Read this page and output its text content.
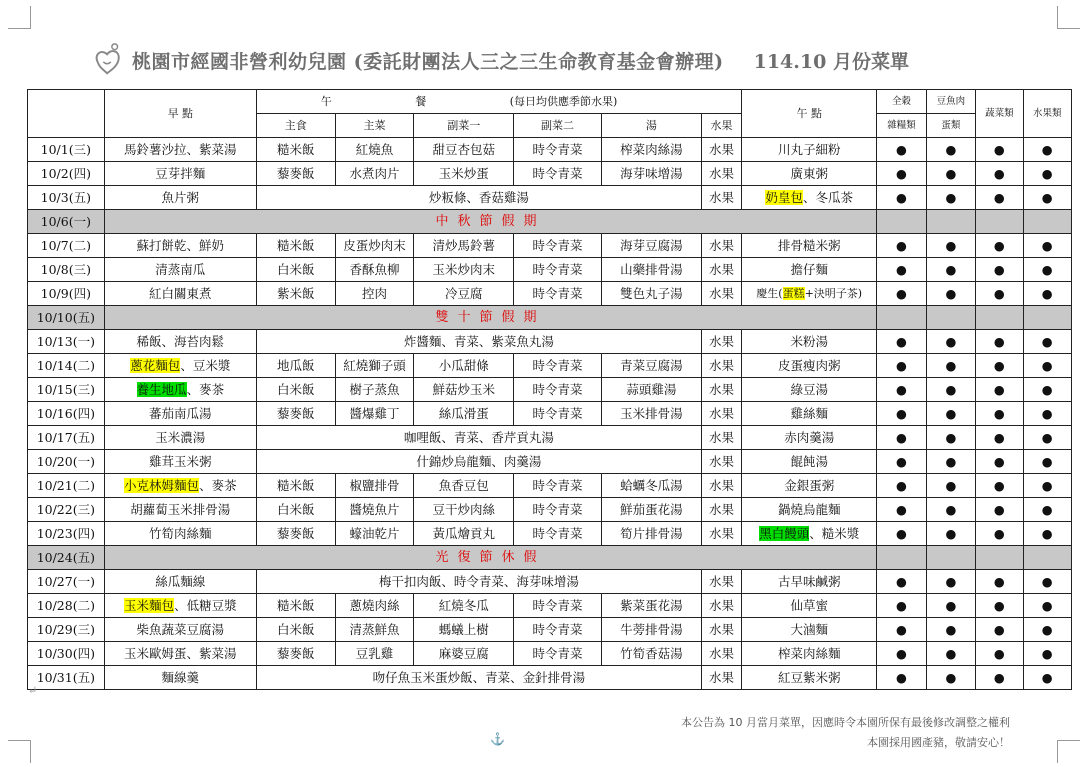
桃園市經國非營利幼兒園 (委託財團法人三之三生命教育基金會辦理) 114.10 月份菜單
	早 點	午 餐 (每日均供應季節水果)						午 點	全穀	豆魚肉	蔬菜類	水果類
		主食	主菜	副菜一	副菜二	湯	水果		雜糧類	蛋類		
10/1(三)	馬鈴薯沙拉、紫菜湯	糙米飯	紅燒魚	甜豆杏包菇	時令青菜	榨菜肉絲湯	水果	川丸子細粉	●	●	●	●
10/2(四)	豆芽拌麵	藜麥飯	水煮肉片	玉米炒蛋	時令青菜	海芽味增湯	水果	廣東粥	●	●	●	●
10/3(五)	魚片粥	炒粄條、香菇雞湯					水果	奶皇包、冬瓜茶	●	●	●	●
10/6(一)	中秋節假期											
10/7(二)	蘇打餅乾、鮮奶	糙米飯	皮蛋炒肉末	清炒馬鈴薯	時令青菜	海芽豆腐湯	水果	排骨糙米粥	●	●	●	●
10/8(三)	清蒸南瓜	白米飯	香酥魚柳	玉米炒肉末	時令青菜	山藥排骨湯	水果	擔仔麵	●	●	●	●
10/9(四)	紅白關東煮	紫米飯	控肉	冷豆腐	時令青菜	雙色丸子湯	水果	慶生(蛋糕+決明子茶)	●	●	●	●
10/10(五)	雙十節假期											
10/13(一)	稀飯、海苔肉鬆	炸醬麵、青菜、紫菜魚丸湯					水果	米粉湯	●	●	●	●
10/14(二)	蔥花麵包、豆米漿	地瓜飯	紅燒獅子頭	小瓜甜條	時令青菜	青菜豆腐湯	水果	皮蛋瘦肉粥	●	●	●	●
10/15(三)	養生地瓜、麥茶	白米飯	樹子蒸魚	鮮菇炒玉米	時令青菜	蒜頭雞湯	水果	綠豆湯	●	●	●	●
10/16(四)	蕃茄南瓜湯	藜麥飯	醬爆雞丁	絲瓜滑蛋	時令青菜	玉米排骨湯	水果	雞絲麵	●	●	●	●
10/17(五)	玉米濃湯	咖哩飯、青菜、香芹貢丸湯					水果	赤肉羹湯	●	●	●	●
10/20(一)	雞茸玉米粥	什錦炒烏龍麵、肉羹湯					水果	餛飩湯	●	●	●	●
10/21(二)	小克林姆麵包、麥茶	糙米飯	椒鹽排骨	魚香豆包	時令青菜	蛤蠣冬瓜湯	水果	金銀蛋粥	●	●	●	●
10/22(三)	胡蘿蔔玉米排骨湯	白米飯	醬燒魚片	豆干炒肉絲	時令青菜	鮮茄蛋花湯	水果	鍋燒烏龍麵	●	●	●	●
10/23(四)	竹筍肉絲麵	藜麥飯	蠔油乾片	黃瓜燴貢丸	時令青菜	筍片排骨湯	水果	黑白饅頭、糙米漿	●	●	●	●
10/24(五)	光復節休假											
10/27(一)	絲瓜麵線	梅干扣肉飯、時令青菜、海芽味增湯					水果	古早味鹹粥	●	●	●	●
10/28(二)	玉米麵包、低糖豆漿	糙米飯	蔥燒肉絲	紅燒冬瓜	時令青菜	紫菜蛋花湯	水果	仙草蜜	●	●	●	●
10/29(三)	柴魚蔬菜豆腐湯	白米飯	清蒸鮮魚	螞蟻上樹	時令青菜	牛蒡排骨湯	水果	大滷麵	●	●	●	●
10/30(四)	玉米歐姆蛋、紫菜湯	藜麥飯	豆乳雞	麻婆豆腐	時令青菜	竹筍香菇湯	水果	榨菜肉絲麵	●	●	●	●
10/31(五)	麵線羹	吻仔魚玉米蛋炒飯、青菜、金針排骨湯					水果	紅豆紫米粥	●	●	●	●
↵
本公告為 10 月當月菜單，因應時令本園所保有最後修改調整之權利
本園採用國產豬，敬請安心！
⚓
